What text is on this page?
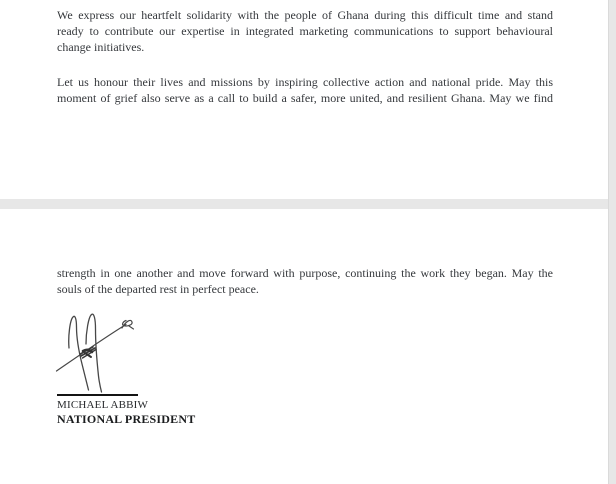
We express our heartfelt solidarity with the people of Ghana during this difficult time and stand
ready to contribute our expertise in integrated marketing communications to support behavioural
change initiatives.
Let us honour their lives and missions by inspiring collective action and national pride. May this
moment of grief also serve as a call to build a safer, more united, and resilient Ghana. May we find
strength in one another and move forward with purpose, continuing the work they began. May the
souls of the departed rest in perfect peace.
MICHAEL ABBIW
NATIONAL PRESIDENT
